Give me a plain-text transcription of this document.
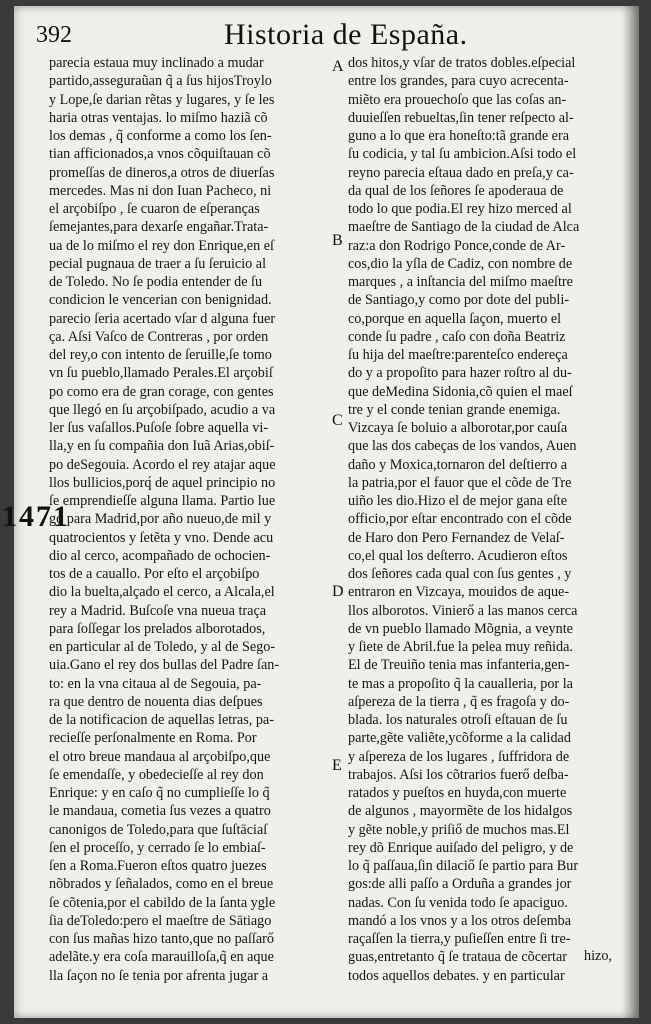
392	Historia de España.
1471
parecia estaua muy inclinado a mudar
partido,asseguraũan q̃ a ſus hijosTroylo
y Lope,ſe darian rẽtas y lugares, y ſe les
haria otras ventajas. lo miſmo haziã cõ
los demas , q̃ conforme a como los ſen-
tian afficionados,a vnos cõquiſtauan cõ
promeſſas de dineros,a otros de diuerſas
mercedes. Mas ni don Iuan Pacheco, ni
el arçobiſpo , ſe cuaron de eſperanças
ſemejantes,para dexarſe engañar.Trata-
ua de lo miſmo el rey don Enrique,en eſ
pecial pugnaua de traer a ſu ſeruicio al
de Toledo. No ſe podia entender de ſu
condicion le vencerian con benignidad.
parecio ſeria acertado vſar d alguna fuer
ça. Aſsi Vaſco de Contreras , por orden
del rey,o con intento de ſeruille,ſe tomo
vn ſu pueblo,llamado Perales.El arçobiſ
po como era de gran corage, con gentes
que llegó en ſu arçobiſpado, acudio a va
ler ſus vaſallos.Puſoſe ſobre aquella vi-
lla,y en ſu compañia don Iuã Arias,obiſ-
po deSegouia. Acordo el rey atajar aque
llos bullicios,porq́ de aquel principio no
ſe emprendieſſe alguna llama. Partio lue
go para Madrid,por año nueuo,de mil y
quatrocientos y ſetẽta y vno. Dende acu
dio al cerco, acompañado de ochocien-
tos de a cauallo. Por eſto el arçobiſpo
dio la buelta,alçado el cerco, a Alcala,el
rey a Madrid. Buſcoſe vna nueua traça
para ſoſſegar los prelados alborotados,
en particular al de Toledo, y al de Sego-
uia.Gano el rey dos bullas del Padre ſan-
to: en la vna citaua al de Segouia, pa-
ra que dentro de nouenta dias deſpues
de la notificacion de aquellas letras, pa-
recieſſe perſonalmente en Roma. Por
el otro breue mandaua al arçobiſpo,que
ſe emendaſſe, y obedecieſſe al rey don
Enrique: y en caſo q̃ no cumplieſſe lo q̃
le mandaua, cometia ſus vezes a quatro
canonigos de Toledo,para que ſuſtāciaſ
ſen el proceſſo, y cerrado ſe lo embiaſ-
ſen a Roma.Fueron eſtos quatro juezes
nõbrados y ſeñalados, como en el breue
ſe cõtenia,por el cabildo de la ſanta ygle
ſia deToledo:pero el maeſtre de Sātiago
con ſus mañas hizo tanto,que no paſſarő
adelãte.y era coſa marauilloſa,q̃ en aque
lla ſaçon no ſe tenia por afrenta jugar a
A
B
C
D
E
dos hitos,y vſar de tratos dobles.eſpecial
entre los grandes, para cuyo acrecenta-
miẽto era prouechoſo que las coſas an-
duuieſſen rebueltas,ſin tener reſpecto al-
guno a lo que era honeſto:tã grande era
ſu codicia, y tal ſu ambicion.Aſsi todo el
reyno parecia eſtaua dado en preſa,y ca-
da qual de los ſeñores ſe apoderaua de
todo lo que podia.El rey hizo merced al
maeſtre de Santiago de la ciudad de Alca
raz:a don Rodrigo Ponce,conde de Ar-
cos,dio la yſla de Cadiz, con nombre de
marques , a inſtancia del miſmo maeſtre
de Santiago,y como por dote del publi-
co,porque en aquella ſaçon, muerto el
conde ſu padre , caſo con doña Beatriz
ſu hija del maeſtre:parenteſco endereça
do y a propoſito para hazer roſtro al du-
que deMedina Sidonia,cõ quien el maeſ
tre y el conde tenian grande enemiga.
Vizcaya ſe boluio a alborotar,por cauſa
que las dos cabeças de los vandos, Auen
daño y Moxica,tornaron del deſtierro a
la patria,por el fauor que el cõde de Tre
uiño les dio.Hizo el de mejor gana eſte
officio,por eſtar encontrado con el cõde
de Haro don Pero Fernandez de Velaſ-
co,el qual los deſterro. Acudieron eſtos
dos ſeñores cada qual con ſus gentes , y
entraron en Vizcaya, mouidos de aque-
llos alborotos. Vinierő a las manos cerca
de vn pueblo llamado Mõgnia, a veynte
y ſiete de Abril.fue la pelea muy reñida.
El de Treuiño tenia mas infanteria,gen-
te mas a propoſito q̃ la caualleria, por la
aſpereza de la tierra , q̃ es fragoſa y do-
blada. los naturales otroſi eſtauan de ſu
parte,gẽte valiẽte,ycõforme a la calidad
y aſpereza de los lugares , ſuffridora de
trabajos. Aſsi los cõtrarios fuerő deſba-
ratados y pueſtos en huyda,con muerte
de algunos , mayormẽte de los hidalgos
y gẽte noble,y priſiő de muchos mas.El
rey dõ Enrique auiſado del peligro, y de
lo q̃ paſſaua,ſin dilaciő ſe partio para Bur
gos:de alli paſſo a Orduña a grandes jor
nadas. Con ſu venida todo ſe apaciguo.
mandó a los vnos y a los otros deſemba
raçaſſen la tierra,y puſieſſen entre ſi tre-
guas,entretanto q̃ ſe trataua de cõcertar
todos aquellos debates. y en particular
hizo,
